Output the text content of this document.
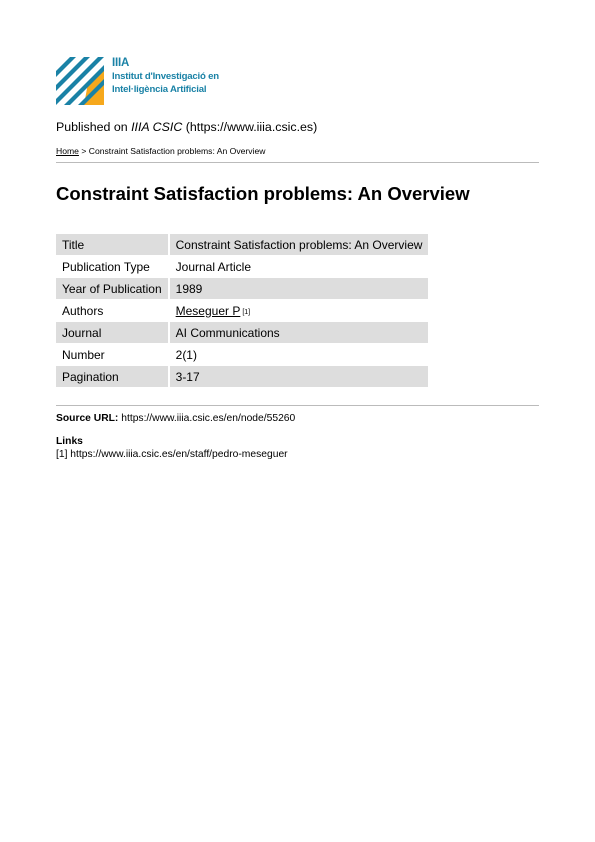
IIIA
Institut d'Investigació en
Intel·ligència Artificial
Published on IIIA CSIC (https://www.iiia.csic.es)
Home > Constraint Satisfaction problems: An Overview
Constraint Satisfaction problems: An Overview
Title	Constraint Satisfaction problems: An Overview
Publication Type	Journal Article
Year of Publication	1989
Authors	Meseguer P [1]
Journal	AI Communications
Number	2(1)
Pagination	3-17
Source URL: https://www.iiia.csic.es/en/node/55260
Links
[1] https://www.iiia.csic.es/en/staff/pedro-meseguer
